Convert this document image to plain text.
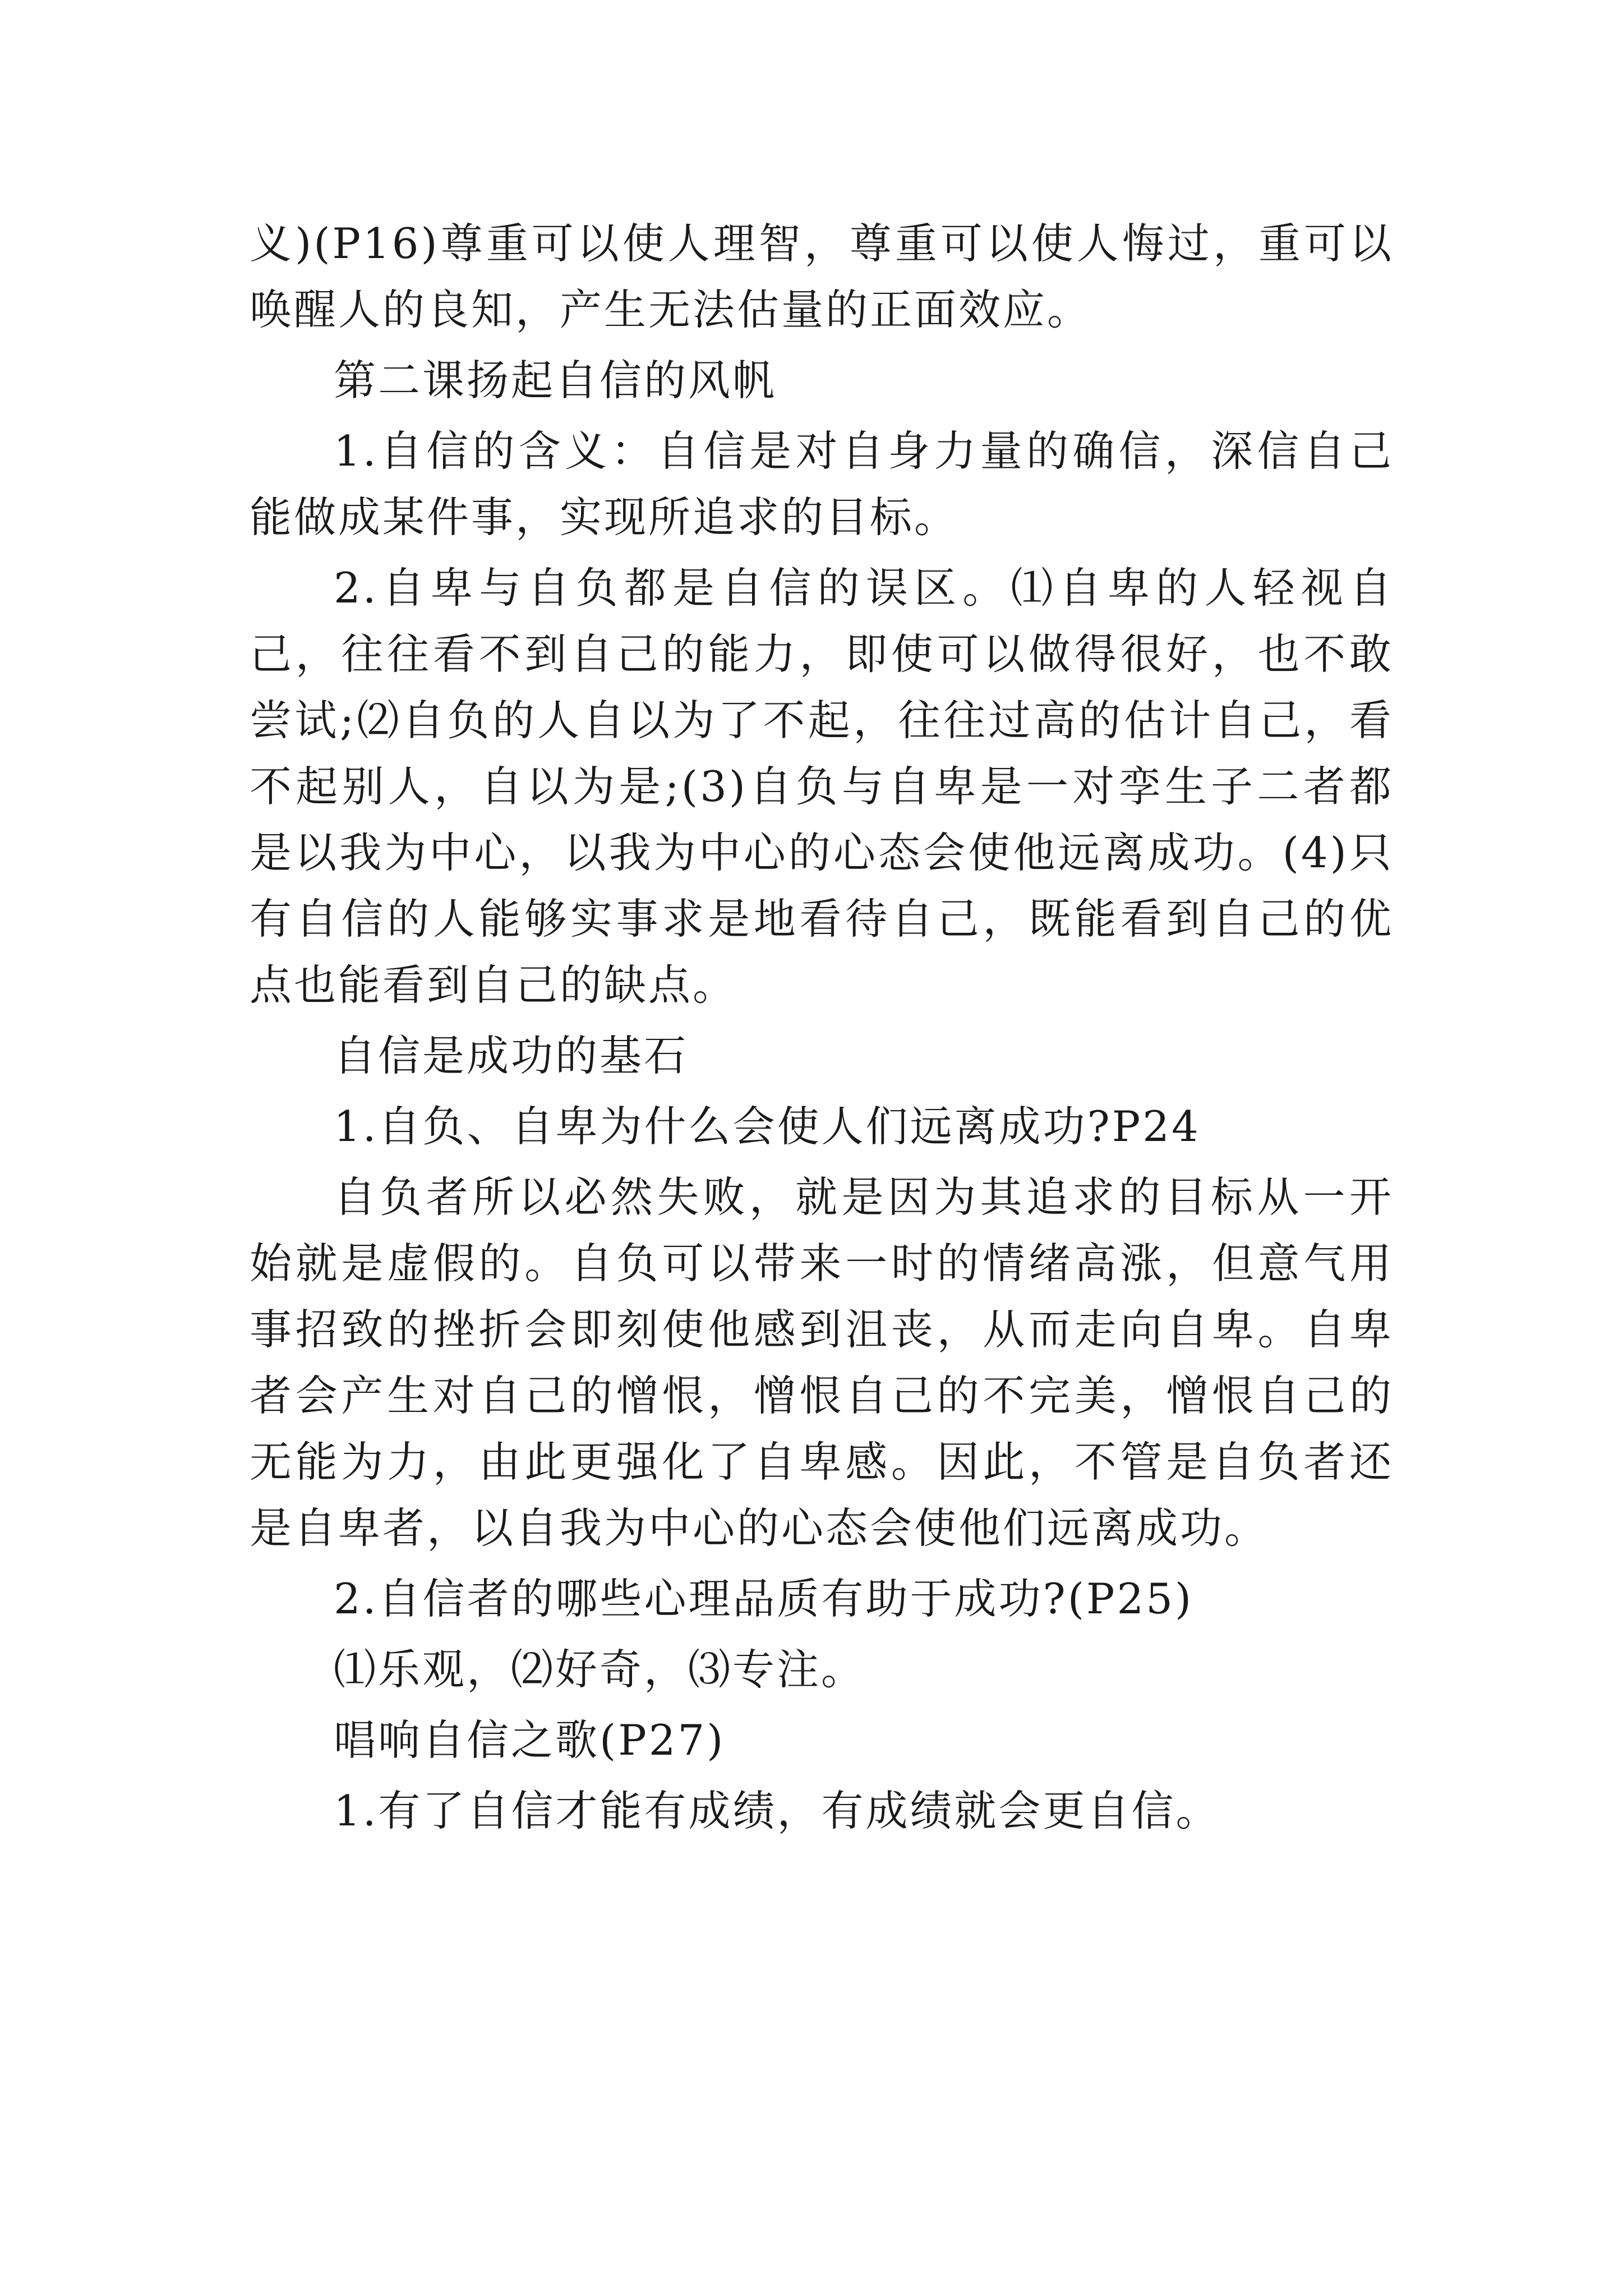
义)(P16)尊重可以使人理智，尊重可以使人悔过，重可以唤醒人的良知，产生无法估量的正面效应。

第二课扬起自信的风帆

1.自信的含义：自信是对自身力量的确信，深信自己能做成某件事，实现所追求的目标。

2.自卑与自负都是自信的误区。⑴自卑的人轻视自己，往往看不到自己的能力，即使可以做得很好，也不敢尝试;⑵自负的人自以为了不起，往往过高的估计自己，看不起别人，自以为是;(3)自负与自卑是一对孪生子二者都是以我为中心，以我为中心的心态会使他远离成功。(4)只有自信的人能够实事求是地看待自己，既能看到自己的优点也能看到自己的缺点。

自信是成功的基石

1.自负、自卑为什么会使人们远离成功?P24

自负者所以必然失败，就是因为其追求的目标从一开始就是虚假的。自负可以带来一时的情绪高涨，但意气用事招致的挫折会即刻使他感到沮丧，从而走向自卑。自卑者会产生对自己的憎恨，憎恨自己的不完美，憎恨自己的无能为力，由此更强化了自卑感。因此，不管是自负者还是自卑者，以自我为中心的心态会使他们远离成功。

2.自信者的哪些心理品质有助于成功?(P25)

⑴乐观，⑵好奇，⑶专注。

唱响自信之歌(P27)

1.有了自信才能有成绩，有成绩就会更自信。
